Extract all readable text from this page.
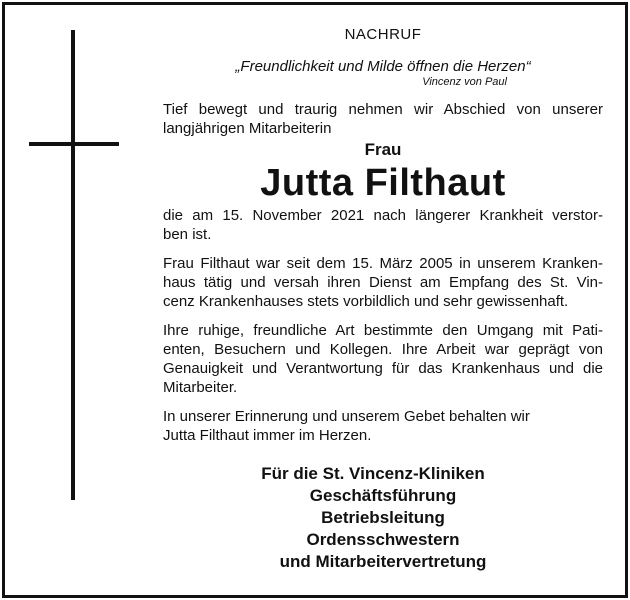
NACHRUF
„Freundlichkeit und Milde öffnen die Herzen“
Vincenz von Paul
Tief bewegt und traurig nehmen wir Abschied von unserer
langjährigen Mitarbeiterin
Frau
Jutta Filthaut
die am 15. November 2021 nach längerer Krankheit verstor-
ben ist.
Frau Filthaut war seit dem 15. März 2005 in unserem Kranken-
haus tätig und versah ihren Dienst am Empfang des St. Vin-
cenz Krankenhauses stets vorbildlich und sehr gewissenhaft.
Ihre ruhige, freundliche Art bestimmte den Umgang mit Pati-
enten, Besuchern und Kollegen. Ihre Arbeit war geprägt von
Genauigkeit und Verantwortung für das Krankenhaus und die
Mitarbeiter.
In unserer Erinnerung und unserem Gebet behalten wir
Jutta Filthaut immer im Herzen.
Für die St. Vincenz-Kliniken
Geschäftsführung
Betriebsleitung
Ordensschwestern
und Mitarbeitervertretung
